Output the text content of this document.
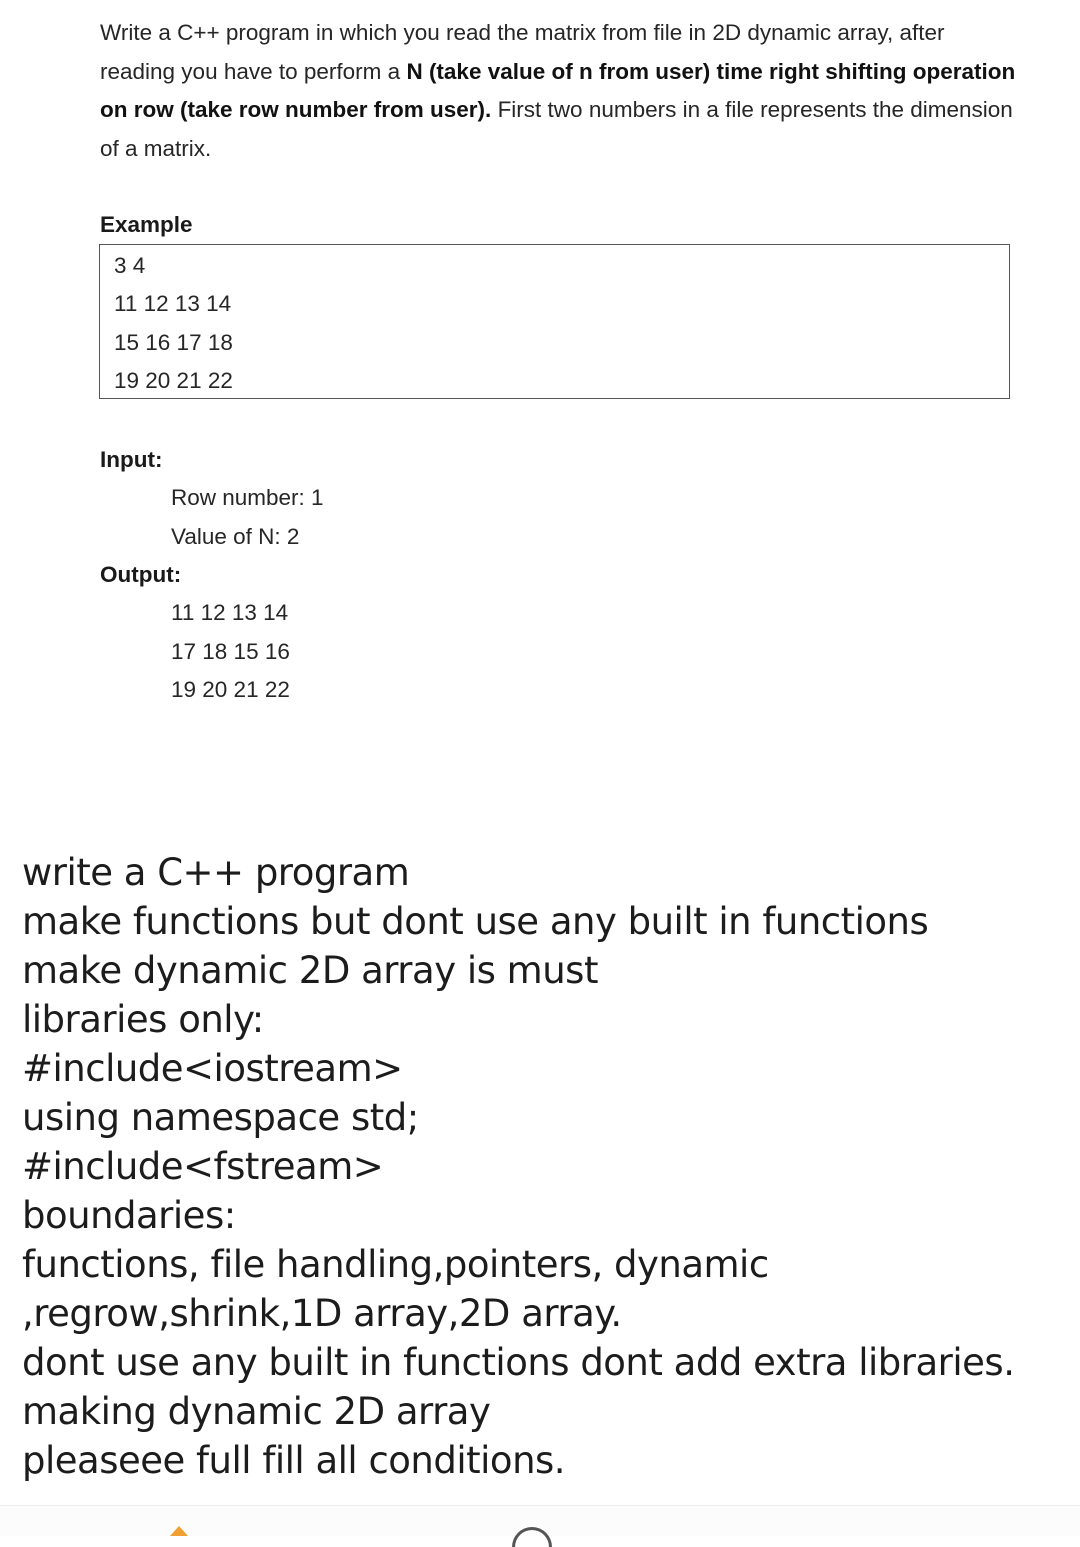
Write a C++ program in which you read the matrix from file in 2D dynamic array, after reading you have to perform a N (take value of n from user) time right shifting operation on row (take row number from user). First two numbers in a file represents the dimension of a matrix.

Example
3 4
11 12 13 14
15 16 17 18
19 20 21 22
Input:
Row number: 1
Value of N: 2
Output:
11 12 13 14
17 18 15 16
19 20 21 22
write a C++ program
make functions but dont use any built in functions
make dynamic 2D array is must
libraries only:
#include<iostream>
using namespace std;
#include<fstream>
boundaries:
functions, file handling,pointers, dynamic
,regrow,shrink,1D array,2D array.
dont use any built in functions dont add extra libraries.
making dynamic 2D array
pleaseee full fill all conditions.
